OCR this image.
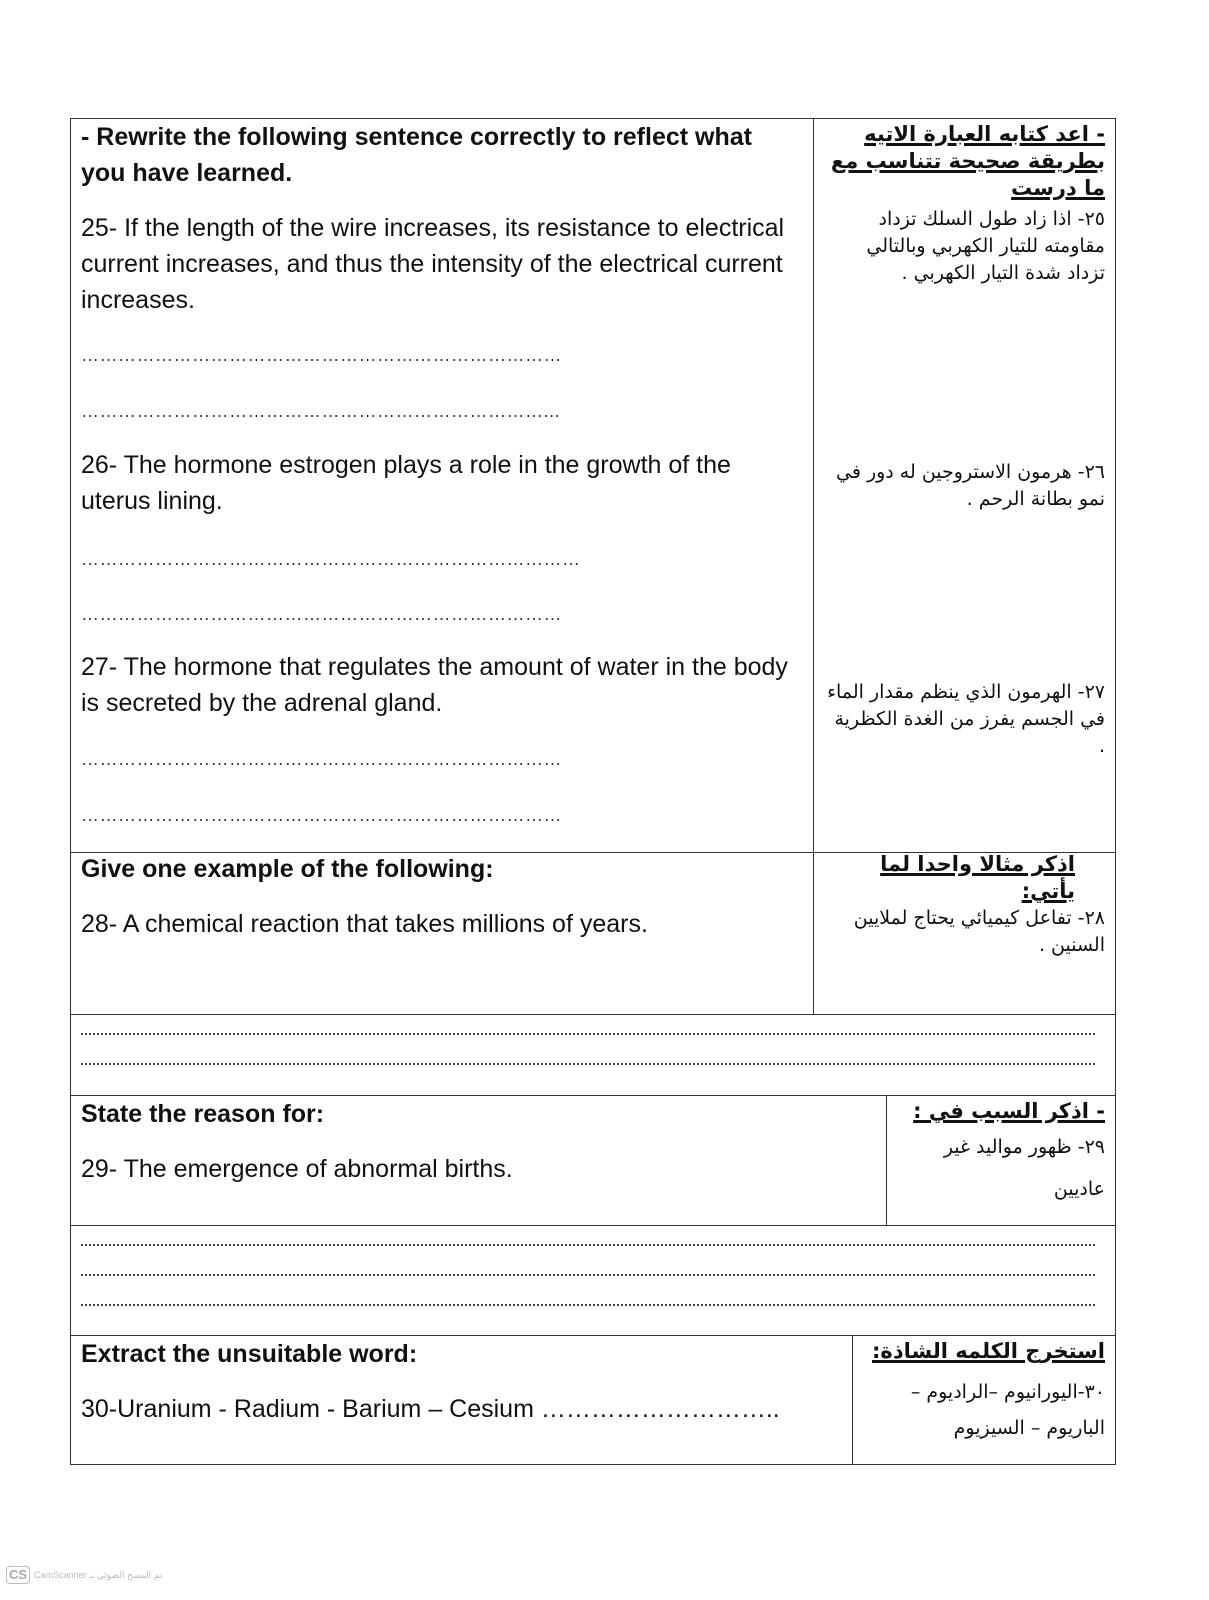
- Rewrite the following sentence correctly to reflect what you have learned.
25- If the length of the wire increases, its resistance to electrical current increases, and thus the intensity of the electrical current increases.
……………………………………………………………………
…………………………………………………………………...
26- The hormone estrogen plays a role in the growth of the uterus lining.
………………………………………………………………………
……………………………………………………………………
27- The hormone that regulates the amount of water in the body is secreted by the adrenal gland.
……………………………………………………………………
……………………………………………………………………
- اعد كتابه العبارة الاتيه بطريقة صحيحة تتناسب مع ما درست
٢٥- اذا زاد طول السلك تزداد مقاومته للتيار الكهربي وبالتالي تزداد شدة التيار الكهربي .
٢٦- هرمون الاستروجين له دور في نمو بطانة الرحم .
٢٧- الهرمون الذي ينظم مقدار الماء في الجسم يفرز من الغدة الكظرية .
Give one example of the following:
28- A chemical reaction that takes millions of years.
اذكر مثالا واحدا لما يأتي:
٢٨- تفاعل كيميائي يحتاج لملايين السنين .
State the reason for:
29- The emergence of abnormal births.
- اذكر السبب في :
٢٩- ظهور مواليد غير عاديين
Extract the unsuitable word:
30-Uranium - Radium - Barium – Cesium ………………………..
استخرج الكلمه الشاذة:
٣٠-اليورانيوم –الراديوم – الباريوم – السيزيوم
CS CamScanner تم المسح الضوئي بـ
